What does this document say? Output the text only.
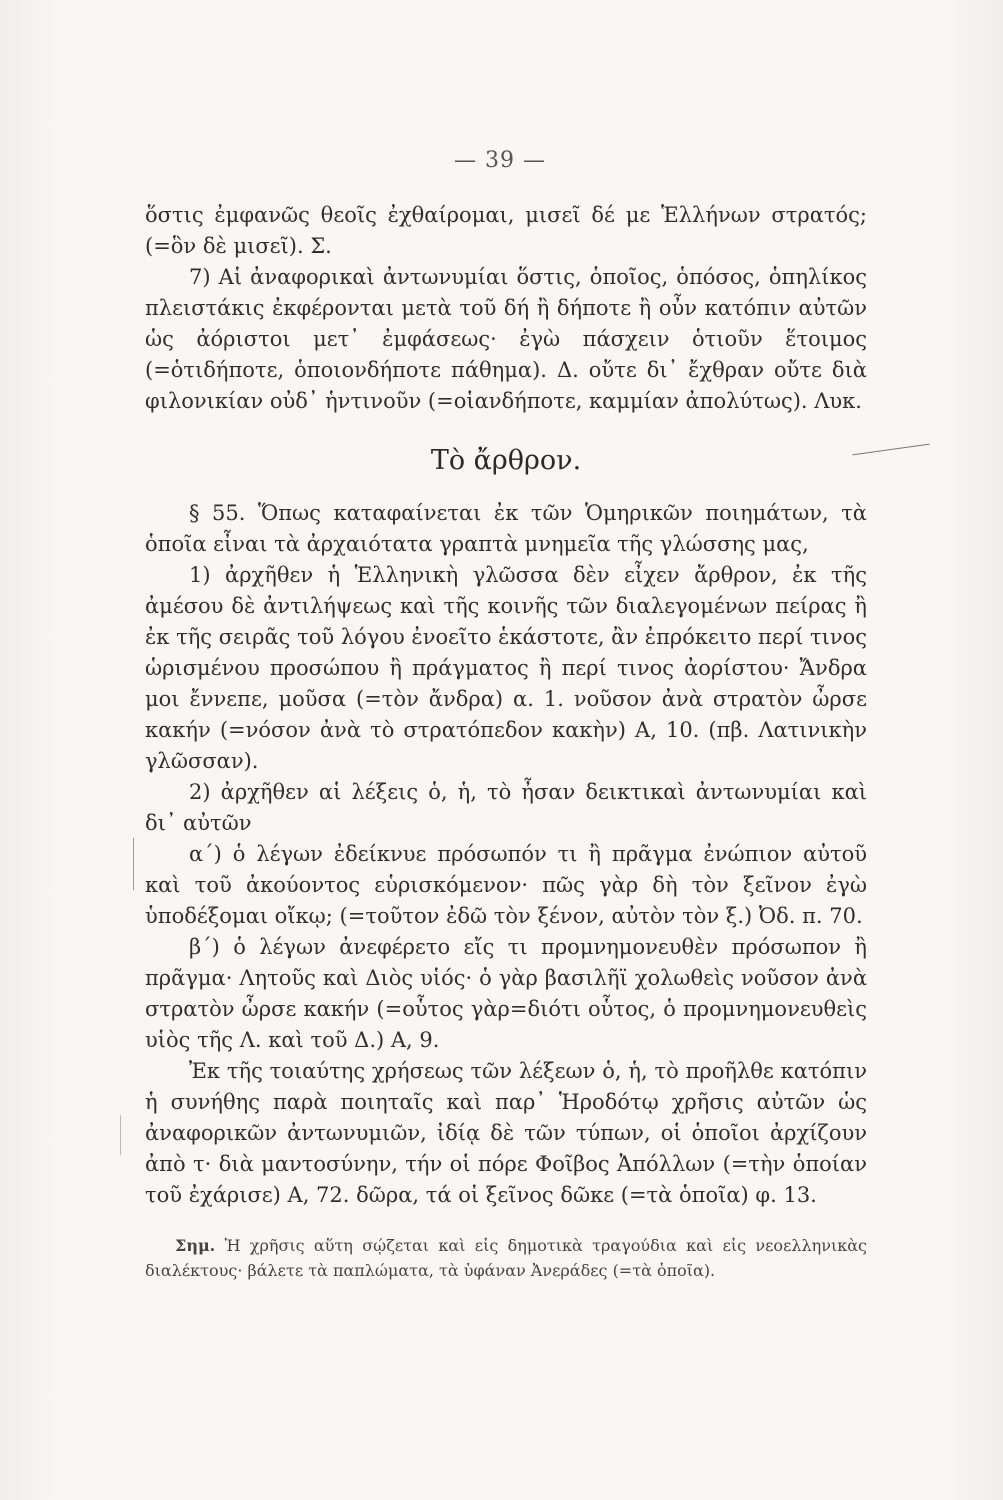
— 39 —

ὅστις ἐμφανῶς θεοῖς ἐχθαίρομαι, μισεῖ δέ με Ἑλλήνων στρατός; (=ὃν δὲ μισεῖ). Σ.

7) Αἱ ἀναφορικαὶ ἀντωνυμίαι ὅστις, ὁποῖος, ὁπόσος, ὁπηλίκος πλειστάκις ἐκφέρονται μετὰ τοῦ δή ἢ δήποτε ἢ οὖν κατόπιν αὐτῶν ὡς ἀόριστοι μετ᾿ ἐμφάσεως· ἐγὼ πάσχειν ὁτιοῦν ἕτοιμος (=ὁτιδήποτε, ὁποιονδήποτε πάθημα). Δ. οὔτε δι᾿ ἔχθραν οὔτε διὰ φιλονικίαν οὐδ᾿ ἡντινοῦν (=οἱανδήποτε, καμμίαν ἀπολύτως). Λυκ.

Τὸ ἄρθρον.

§ 55. Ὅπως καταφαίνεται ἐκ τῶν Ὁμηρικῶν ποιημάτων, τὰ ὁποῖα εἶναι τὰ ἀρχαιότατα γραπτὰ μνημεῖα τῆς γλώσσης μας,

1) ἀρχῆθεν ἡ Ἑλληνικὴ γλῶσσα δὲν εἶχεν ἄρθρον, ἐκ τῆς ἀμέσου δὲ ἀντιλήψεως καὶ τῆς κοινῆς τῶν διαλεγομένων πείρας ἢ ἐκ τῆς σειρᾶς τοῦ λόγου ἐνοεῖτο ἑκάστοτε, ἂν ἐπρόκειτο περί τινος ὡρισμένου προσώπου ἢ πράγματος ἢ περί τινος ἀορίστου· Ἄνδρα μοι ἔννεπε, μοῦσα (=τὸν ἄνδρα) α. 1. νοῦσον ἀνὰ στρατὸν ὦρσε κακήν (=νόσον ἀνὰ τὸ στρατόπεδον κακὴν) Α, 10. (πβ. Λατινικὴν γλῶσσαν).

2) ἀρχῆθεν αἱ λέξεις ὁ, ἡ, τὸ ἦσαν δεικτικαὶ ἀντωνυμίαι καὶ δι᾿ αὐτῶν

α΄) ὁ λέγων ἐδείκνυε πρόσωπόν τι ἢ πρᾶγμα ἐνώπιον αὐτοῦ καὶ τοῦ ἀκούοντος εὑρισκόμενον· πῶς γὰρ δὴ τὸν ξεῖνον ἐγὼ ὑποδέξομαι οἴκῳ; (=τοῦτον ἐδῶ τὸν ξένον, αὐτὸν τὸν ξ.) Ὀδ. π. 70.

β΄) ὁ λέγων ἀνεφέρετο εἴς τι προμνημονευθὲν πρόσωπον ἢ πρᾶγμα· Λητοῦς καὶ Διὸς υἱός· ὁ γὰρ βασιλῆϊ χολωθεὶς νοῦσον ἀνὰ στρατὸν ὦρσε κακήν (=οὗτος γὰρ=διότι οὗτος, ὁ προμνημονευθεὶς υἱὸς τῆς Λ. καὶ τοῦ Δ.) Α, 9.

Ἐκ τῆς τοιαύτης χρήσεως τῶν λέξεων ὁ, ἡ, τὸ προῆλθε κατόπιν ἡ συνήθης παρὰ ποιηταῖς καὶ παρ᾿ Ἡροδότῳ χρῆσις αὐτῶν ὡς ἀναφορικῶν ἀντωνυμιῶν, ἰδίᾳ δὲ τῶν τύπων, οἱ ὁποῖοι ἀρχίζουν ἀπὸ τ· διὰ μαντοσύνην, τήν οἱ πόρε Φοῖβος Ἀπόλλων (=τὴν ὁποίαν τοῦ ἐχάρισε) Α, 72. δῶρα, τά οἱ ξεῖνος δῶκε (=τὰ ὁποῖα) φ. 13.

Σημ. Ἡ χρῆσις αὕτη σῴζεται καὶ εἰς δημοτικὰ τραγούδια καὶ εἰς νεοελληνικὰς διαλέκτους· βάλετε τὰ παπλώματα, τὰ ὑφάναν Ἀνεράδες (=τὰ ὁποῖα).
